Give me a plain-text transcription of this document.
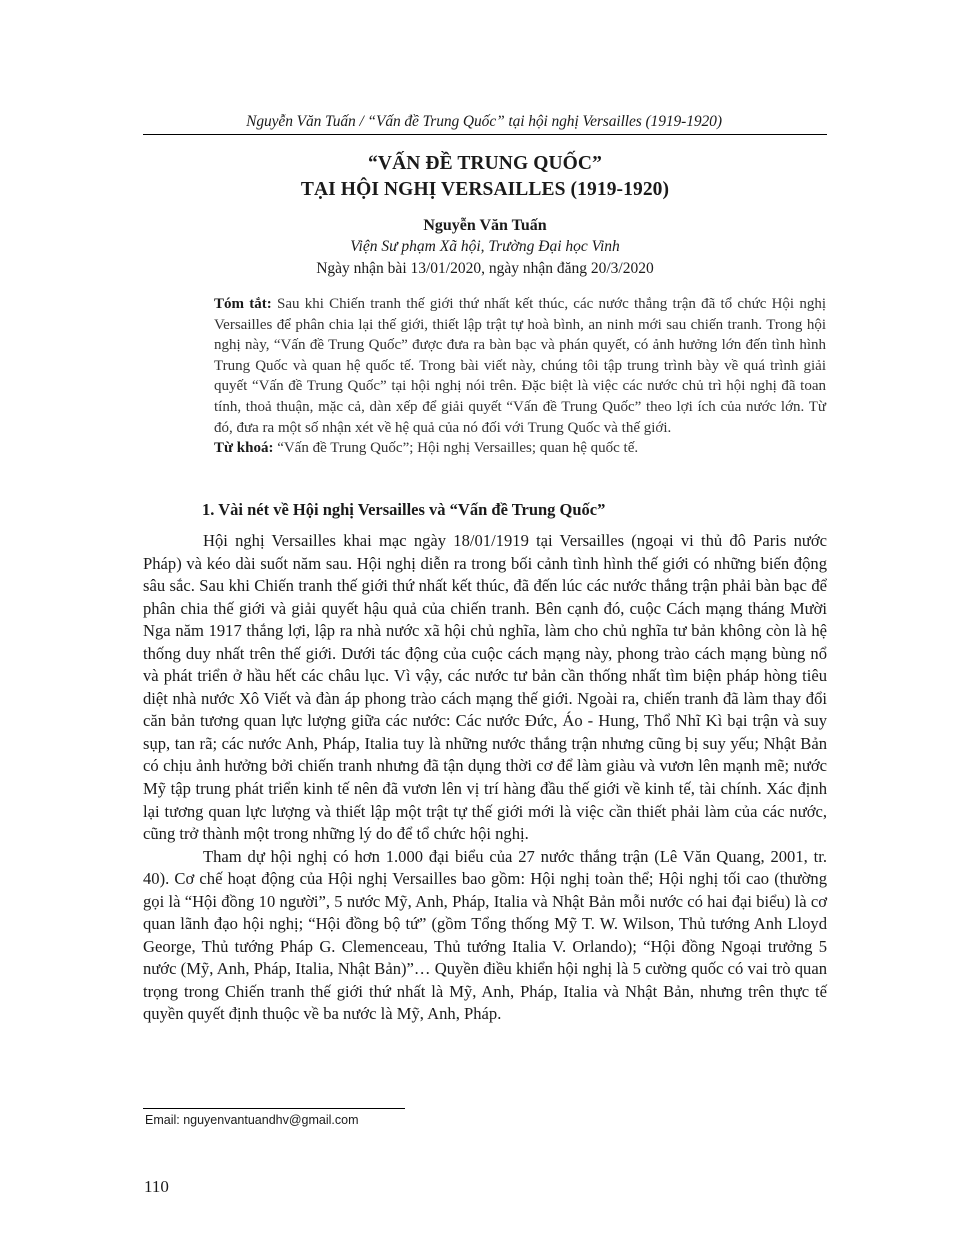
Nguyễn Văn Tuấn / “Vấn đề Trung Quốc” tại hội nghị Versailles (1919-1920)
“VẤN ĐỀ TRUNG QUỐC”
TẠI HỘI NGHỊ VERSAILLES (1919-1920)
Nguyễn Văn Tuấn
Viện Sư phạm Xã hội, Trường Đại học Vinh
Ngày nhận bài 13/01/2020, ngày nhận đăng 20/3/2020

Tóm tắt: Sau khi Chiến tranh thế giới thứ nhất kết thúc, các nước thắng trận đã tổ chức Hội nghị Versailles để phân chia lại thế giới, thiết lập trật tự hoà bình, an ninh mới sau chiến tranh. Trong hội nghị này, “Vấn đề Trung Quốc” được đưa ra bàn bạc và phán quyết, có ảnh hưởng lớn đến tình hình Trung Quốc và quan hệ quốc tế. Trong bài viết này, chúng tôi tập trung trình bày về quá trình giải quyết “Vấn đề Trung Quốc” tại hội nghị nói trên. Đặc biệt là việc các nước chủ trì hội nghị đã toan tính, thoả thuận, mặc cả, dàn xếp để giải quyết “Vấn đề Trung Quốc” theo lợi ích của nước lớn. Từ đó, đưa ra một số nhận xét về hệ quả của nó đối với Trung Quốc và thế giới.

Từ khoá: “Vấn đề Trung Quốc”; Hội nghị Versailles; quan hệ quốc tế.

1. Vài nét về Hội nghị Versailles và “Vấn đề Trung Quốc”

Hội nghị Versailles khai mạc ngày 18/01/1919 tại Versailles (ngoại vi thủ đô Paris nước Pháp) và kéo dài suốt năm sau. Hội nghị diễn ra trong bối cảnh tình hình thế giới có những biến động sâu sắc. Sau khi Chiến tranh thế giới thứ nhất kết thúc, đã đến lúc các nước thắng trận phải bàn bạc để phân chia thế giới và giải quyết hậu quả của chiến tranh. Bên cạnh đó, cuộc Cách mạng tháng Mười Nga năm 1917 thắng lợi, lập ra nhà nước xã hội chủ nghĩa, làm cho chủ nghĩa tư bản không còn là hệ thống duy nhất trên thế giới. Dưới tác động của cuộc cách mạng này, phong trào cách mạng bùng nổ và phát triển ở hầu hết các châu lục. Vì vậy, các nước tư bản cần thống nhất tìm biện pháp hòng tiêu diệt nhà nước Xô Viết và đàn áp phong trào cách mạng thế giới. Ngoài ra, chiến tranh đã làm thay đổi căn bản tương quan lực lượng giữa các nước: Các nước Đức, Áo - Hung, Thổ Nhĩ Kì bại trận và suy sụp, tan rã; các nước Anh, Pháp, Italia tuy là những nước thắng trận nhưng cũng bị suy yếu; Nhật Bản có chịu ảnh hưởng bởi chiến tranh nhưng đã tận dụng thời cơ để làm giàu và vươn lên mạnh mẽ; nước Mỹ tập trung phát triển kinh tế nên đã vươn lên vị trí hàng đầu thế giới về kinh tế, tài chính. Xác định lại tương quan lực lượng và thiết lập một trật tự thế giới mới là việc cần thiết phải làm của các nước, cũng trở thành một trong những lý do để tổ chức hội nghị.

Tham dự hội nghị có hơn 1.000 đại biểu của 27 nước thắng trận (Lê Văn Quang, 2001, tr. 40). Cơ chế hoạt động của Hội nghị Versailles bao gồm: Hội nghị toàn thể; Hội nghị tối cao (thường gọi là “Hội đồng 10 người”, 5 nước Mỹ, Anh, Pháp, Italia và Nhật Bản mỗi nước có hai đại biểu) là cơ quan lãnh đạo hội nghị; “Hội đồng bộ tứ” (gồm Tổng thống Mỹ T. W. Wilson, Thủ tướng Anh Lloyd George, Thủ tướng Pháp G. Clemenceau, Thủ tướng Italia V. Orlando); “Hội đồng Ngoại trưởng 5 nước (Mỹ, Anh, Pháp, Italia, Nhật Bản)”… Quyền điều khiển hội nghị là 5 cường quốc có vai trò quan trọng trong Chiến tranh thế giới thứ nhất là Mỹ, Anh, Pháp, Italia và Nhật Bản, nhưng trên thực tế quyền quyết định thuộc về ba nước là Mỹ, Anh, Pháp.

Email: nguyenvantuandhv@gmail.com
110
